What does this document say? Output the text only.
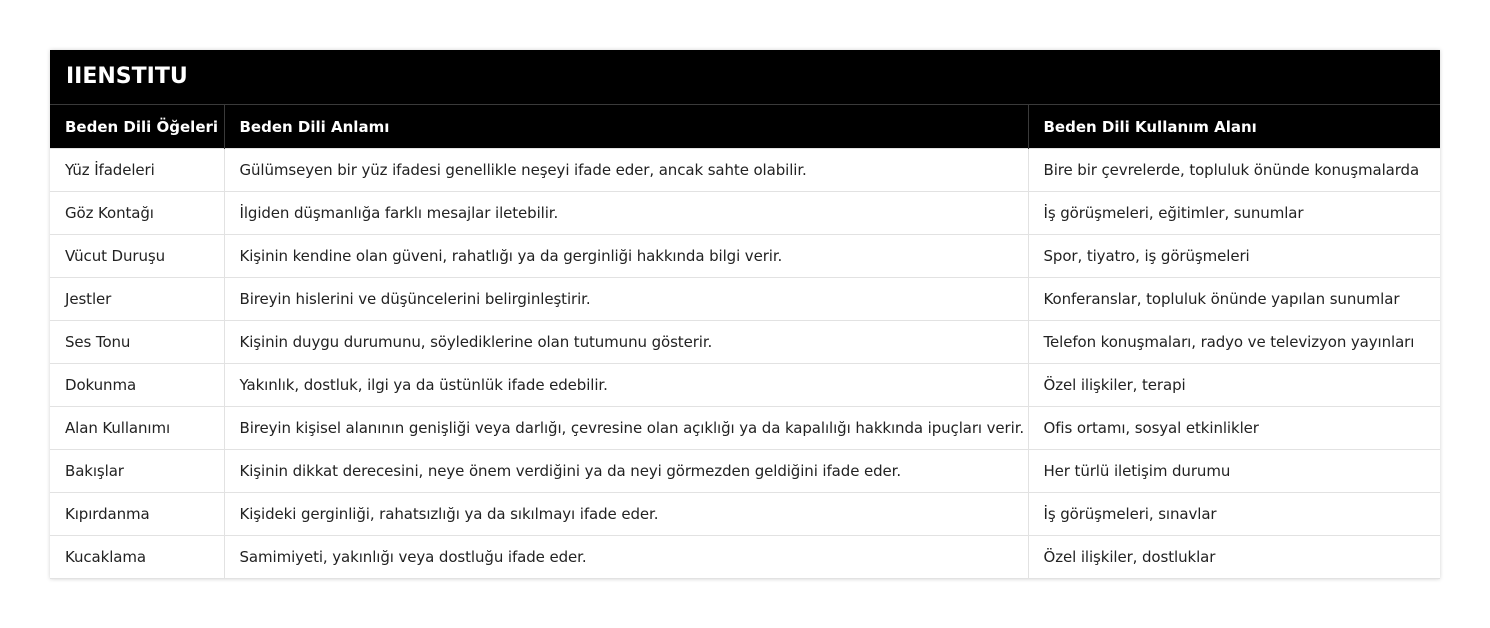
IIENSTITU
Beden Dili Öğeleri	Beden Dili Anlamı	Beden Dili Kullanım Alanı
Yüz İfadeleri	Gülümseyen bir yüz ifadesi genellikle neşeyi ifade eder, ancak sahte olabilir.	Bire bir çevrelerde, topluluk önünde konuşmalarda
Göz Kontağı	İlgiden düşmanlığa farklı mesajlar iletebilir.	İş görüşmeleri, eğitimler, sunumlar
Vücut Duruşu	Kişinin kendine olan güveni, rahatlığı ya da gerginliği hakkında bilgi verir.	Spor, tiyatro, iş görüşmeleri
Jestler	Bireyin hislerini ve düşüncelerini belirginleştirir.	Konferanslar, topluluk önünde yapılan sunumlar
Ses Tonu	Kişinin duygu durumunu, söylediklerine olan tutumunu gösterir.	Telefon konuşmaları, radyo ve televizyon yayınları
Dokunma	Yakınlık, dostluk, ilgi ya da üstünlük ifade edebilir.	Özel ilişkiler, terapi
Alan Kullanımı	Bireyin kişisel alanının genişliği veya darlığı, çevresine olan açıklığı ya da kapalılığı hakkında ipuçları verir.	Ofis ortamı, sosyal etkinlikler
Bakışlar	Kişinin dikkat derecesini, neye önem verdiğini ya da neyi görmezden geldiğini ifade eder.	Her türlü iletişim durumu
Kıpırdanma	Kişideki gerginliği, rahatsızlığı ya da sıkılmayı ifade eder.	İş görüşmeleri, sınavlar
Kucaklama	Samimiyeti, yakınlığı veya dostluğu ifade eder.	Özel ilişkiler, dostluklar
